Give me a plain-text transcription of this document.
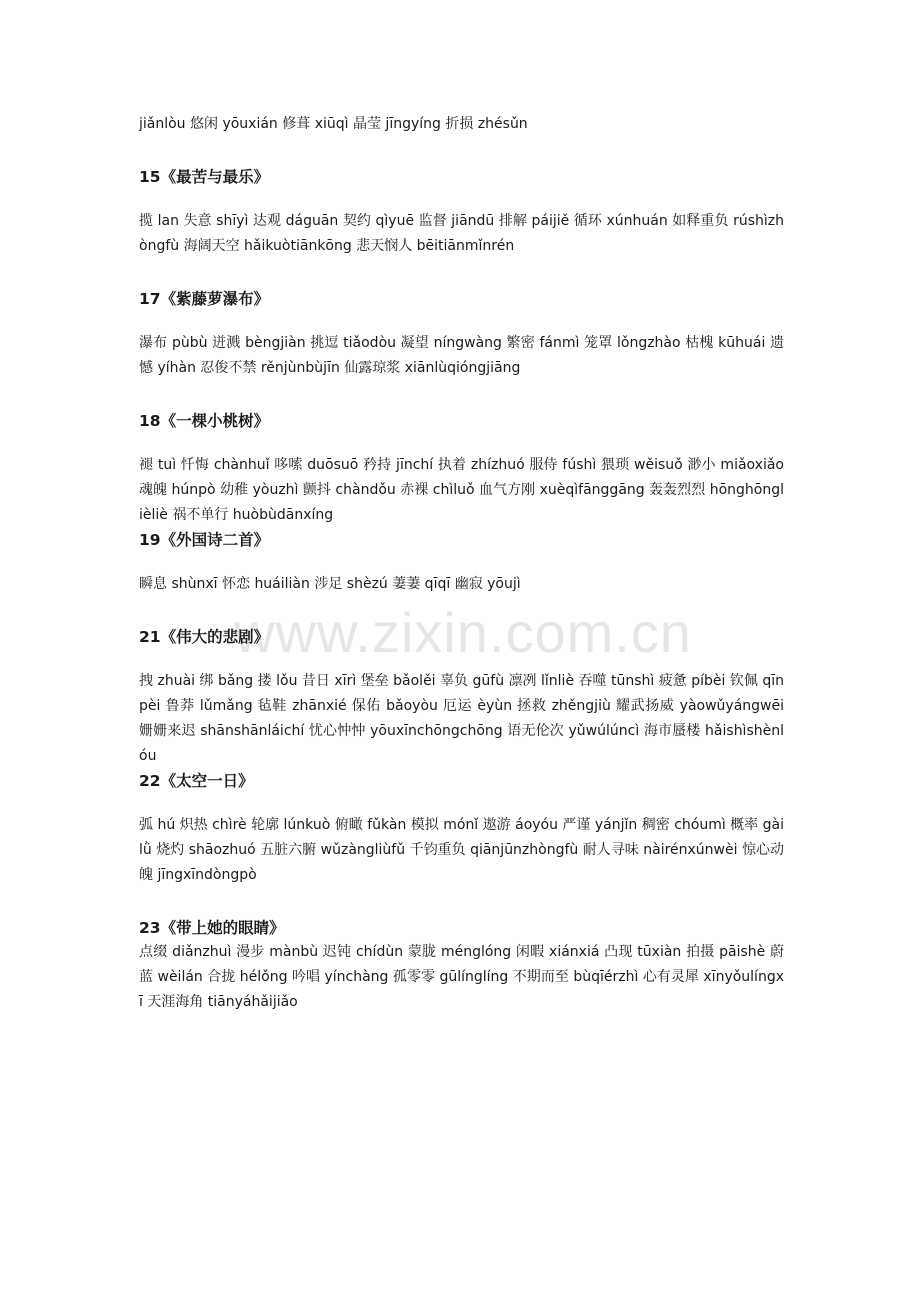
www.zixin.com.cn

jiǎnlòu 悠闲 yōuxián 修葺 xiūqì 晶莹 jīngyíng 折损 zhésǔn

15《最苦与最乐》

揽 lan 失意 shīyì 达观 dáguān 契约 qìyuē 监督 jiāndū 排解 páijiě 循环 xúnhuán 如释重负 rúshìzhòngfù 海阔天空 hǎikuòtiānkōng 悲天悯人 bēitiānmǐnrén

17《紫藤萝瀑布》

瀑布 pùbù 迸溅 bèngjiàn 挑逗 tiǎodòu 凝望 níngwàng 繁密 fánmì 笼罩 lǒngzhào 枯槐 kūhuái 遗憾 yíhàn 忍俊不禁 rěnjùnbùjīn 仙露琼浆 xiānlùqióngjiāng

18《一棵小桃树》

褪 tuì 忏悔 chànhuǐ 哆嗦 duōsuō 矜持 jīnchí 执着 zhízhuó 服侍 fúshì 猥琐 wěisuǒ 渺小 miǎoxiǎo 魂魄 húnpò 幼稚 yòuzhì 颤抖 chàndǒu 赤裸 chìluǒ 血气方刚 xuèqìfānggāng 轰轰烈烈 hōnghōnglièliè 祸不单行 huòbùdānxíng

19《外国诗二首》

瞬息 shùnxī 怀恋 huáiliàn 涉足 shèzú 萋萋 qīqī 幽寂 yōujì

21《伟大的悲剧》

拽 zhuài 绑 bǎng 搂 lǒu 昔日 xīrì 堡垒 bǎolěi 辜负 gūfù 凛冽 lǐnliè 吞噬 tūnshì 疲惫 píbèi 钦佩 qīnpèi 鲁莽 lǔmǎng 毡鞋 zhānxié 保佑 bǎoyòu 厄运 èyùn 拯救 zhěngjiù 耀武扬威 yàowǔyángwēi 姗姗来迟 shānshānláichí 忧心忡忡 yōuxīnchōngchōng 语无伦次 yǔwúlúncì 海市蜃楼 hǎishìshènlóu

22《太空一日》

弧 hú 炽热 chìrè 轮廓 lúnkuò 俯瞰 fǔkàn 模拟 mónǐ 遨游 áoyóu 严谨 yánjǐn 稠密 chóumì 概率 gàilǜ 烧灼 shāozhuó 五脏六腑 wǔzàngliùfǔ 千钧重负 qiānjūnzhòngfù 耐人寻味 nàirénxúnwèi 惊心动魄 jīngxīndòngpò

23《带上她的眼睛》

点缀 diǎnzhuì 漫步 mànbù 迟钝 chídùn 蒙胧 ménglóng 闲暇 xiánxiá 凸现 tūxiàn 拍摄 pāishè 蔚蓝 wèilán 合拢 hélǒng 吟唱 yínchàng 孤零零 gūlínglíng 不期而至 bùqīérzhì 心有灵犀 xīnyǒulíngxī 天涯海角 tiānyáhǎijiǎo
